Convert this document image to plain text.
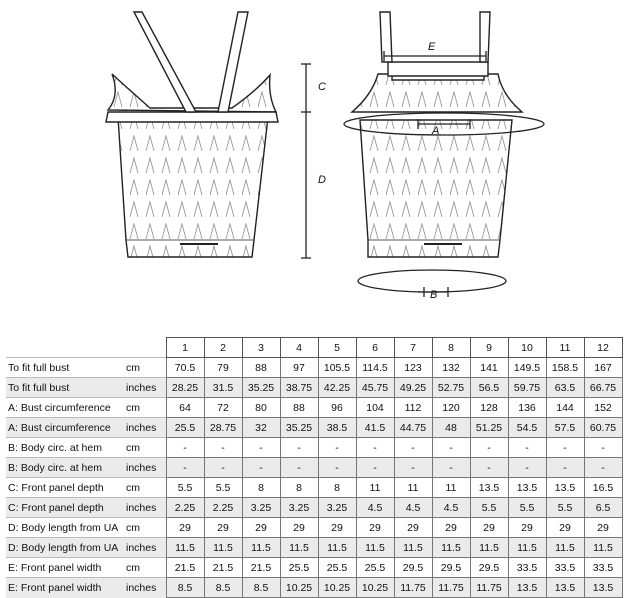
C
D
E
A
B
		1	2	3	4	5	6	7	8	9	10	11	12
To fit full bust	cm	70.5	79	88	97	105.5	114.5	123	132	141	149.5	158.5	167
To fit full bust	inches	28.25	31.5	35.25	38.75	42.25	45.75	49.25	52.75	56.5	59.75	63.5	66.75
A: Bust circumference	cm	64	72	80	88	96	104	112	120	128	136	144	152
A: Bust circumference	inches	25.5	28.75	32	35.25	38.5	41.5	44.75	48	51.25	54.5	57.5	60.75
B: Body circ. at hem	cm	-	-	-	-	-	-	-	-	-	-	-	-
B: Body circ. at hem	inches	-	-	-	-	-	-	-	-	-	-	-	-
C: Front panel depth	cm	5.5	5.5	8	8	8	11	11	11	13.5	13.5	13.5	16.5
C: Front panel depth	inches	2.25	2.25	3.25	3.25	3.25	4.5	4.5	4.5	5.5	5.5	5.5	6.5
D: Body length from UA	cm	29	29	29	29	29	29	29	29	29	29	29	29
D: Body length from UA	inches	11.5	11.5	11.5	11.5	11.5	11.5	11.5	11.5	11.5	11.5	11.5	11.5
E: Front panel width	cm	21.5	21.5	21.5	25.5	25.5	25.5	29.5	29.5	29.5	33.5	33.5	33.5
E: Front panel width	inches	8.5	8.5	8.5	10.25	10.25	10.25	11.75	11.75	11.75	13.5	13.5	13.5
